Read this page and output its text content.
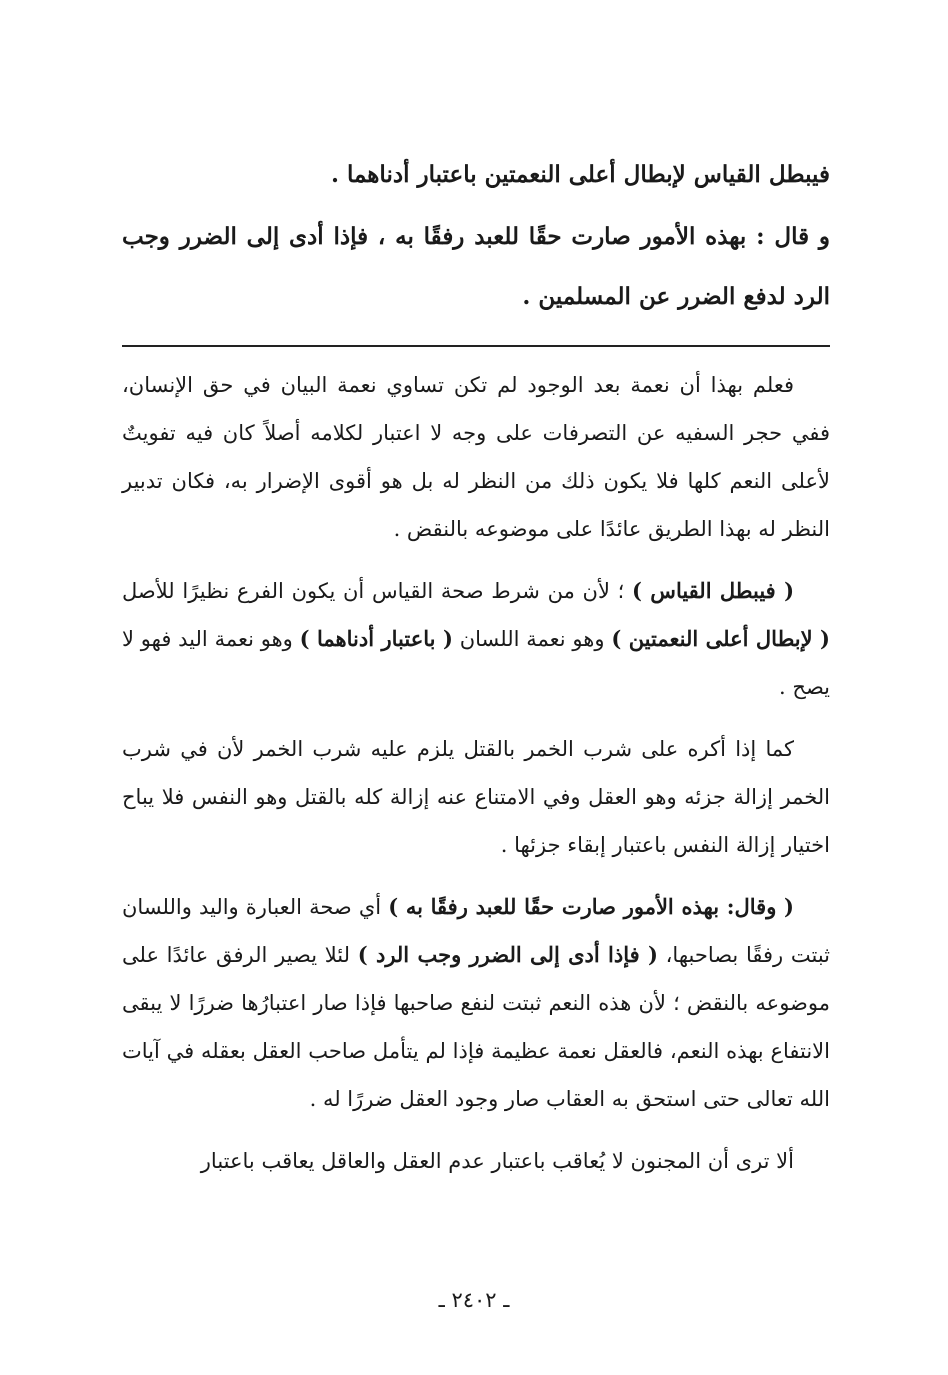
فيبطل القياس لإبطال أعلى النعمتين باعتبار أدناهما .

و قال : بهذه الأمور صارت حقًا للعبد رفقًا به ، فإذا أدى إلى الضرر وجب الرد لدفع الضرر عن المسلمين .

فعلم بهذا أن نعمة بعد الوجود لم تكن تساوي نعمة البيان في حق الإنسان، ففي حجر السفيه عن التصرفات على وجه لا اعتبار لكلامه أصلاً كان فيه تفويتٌ لأعلى النعم كلها فلا يكون ذلك من النظر له بل هو أقوى الإضرار به، فكان تدبير النظر له بهذا الطريق عائدًا على موضوعه بالنقض .

( فيبطل القياس ) ؛ لأن من شرط صحة القياس أن يكون الفرع نظيرًا للأصل ( لإبطال أعلى النعمتين ) وهو نعمة اللسان ( باعتبار أدناهما ) وهو نعمة اليد فهو لا يصح .

كما إذا أكره على شرب الخمر بالقتل يلزم عليه شرب الخمر لأن في شرب الخمر إزالة جزئه وهو العقل وفي الامتناع عنه إزالة كله بالقتل وهو النفس فلا يباح اختيار إزالة النفس باعتبار إبقاء جزئها .

( وقال: بهذه الأمور صارت حقًا للعبد رفقًا به ) أي صحة العبارة واليد واللسان ثبتت رفقًا بصاحبها، ( فإذا أدى إلى الضرر وجب الرد ) لئلا يصير الرفق عائدًا على موضوعه بالنقض ؛ لأن هذه النعم ثبتت لنفع صاحبها فإذا صار اعتبارُها ضررًا لا يبقى الانتفاع بهذه النعم، فالعقل نعمة عظيمة فإذا لم يتأمل صاحب العقل بعقله في آيات الله تعالى حتى استحق به العقاب صار وجود العقل ضررًا له .

ألا ترى أن المجنون لا يُعاقب باعتبار عدم العقل والعاقل يعاقب باعتبار

ـ ٢٤٠٢ ـ
